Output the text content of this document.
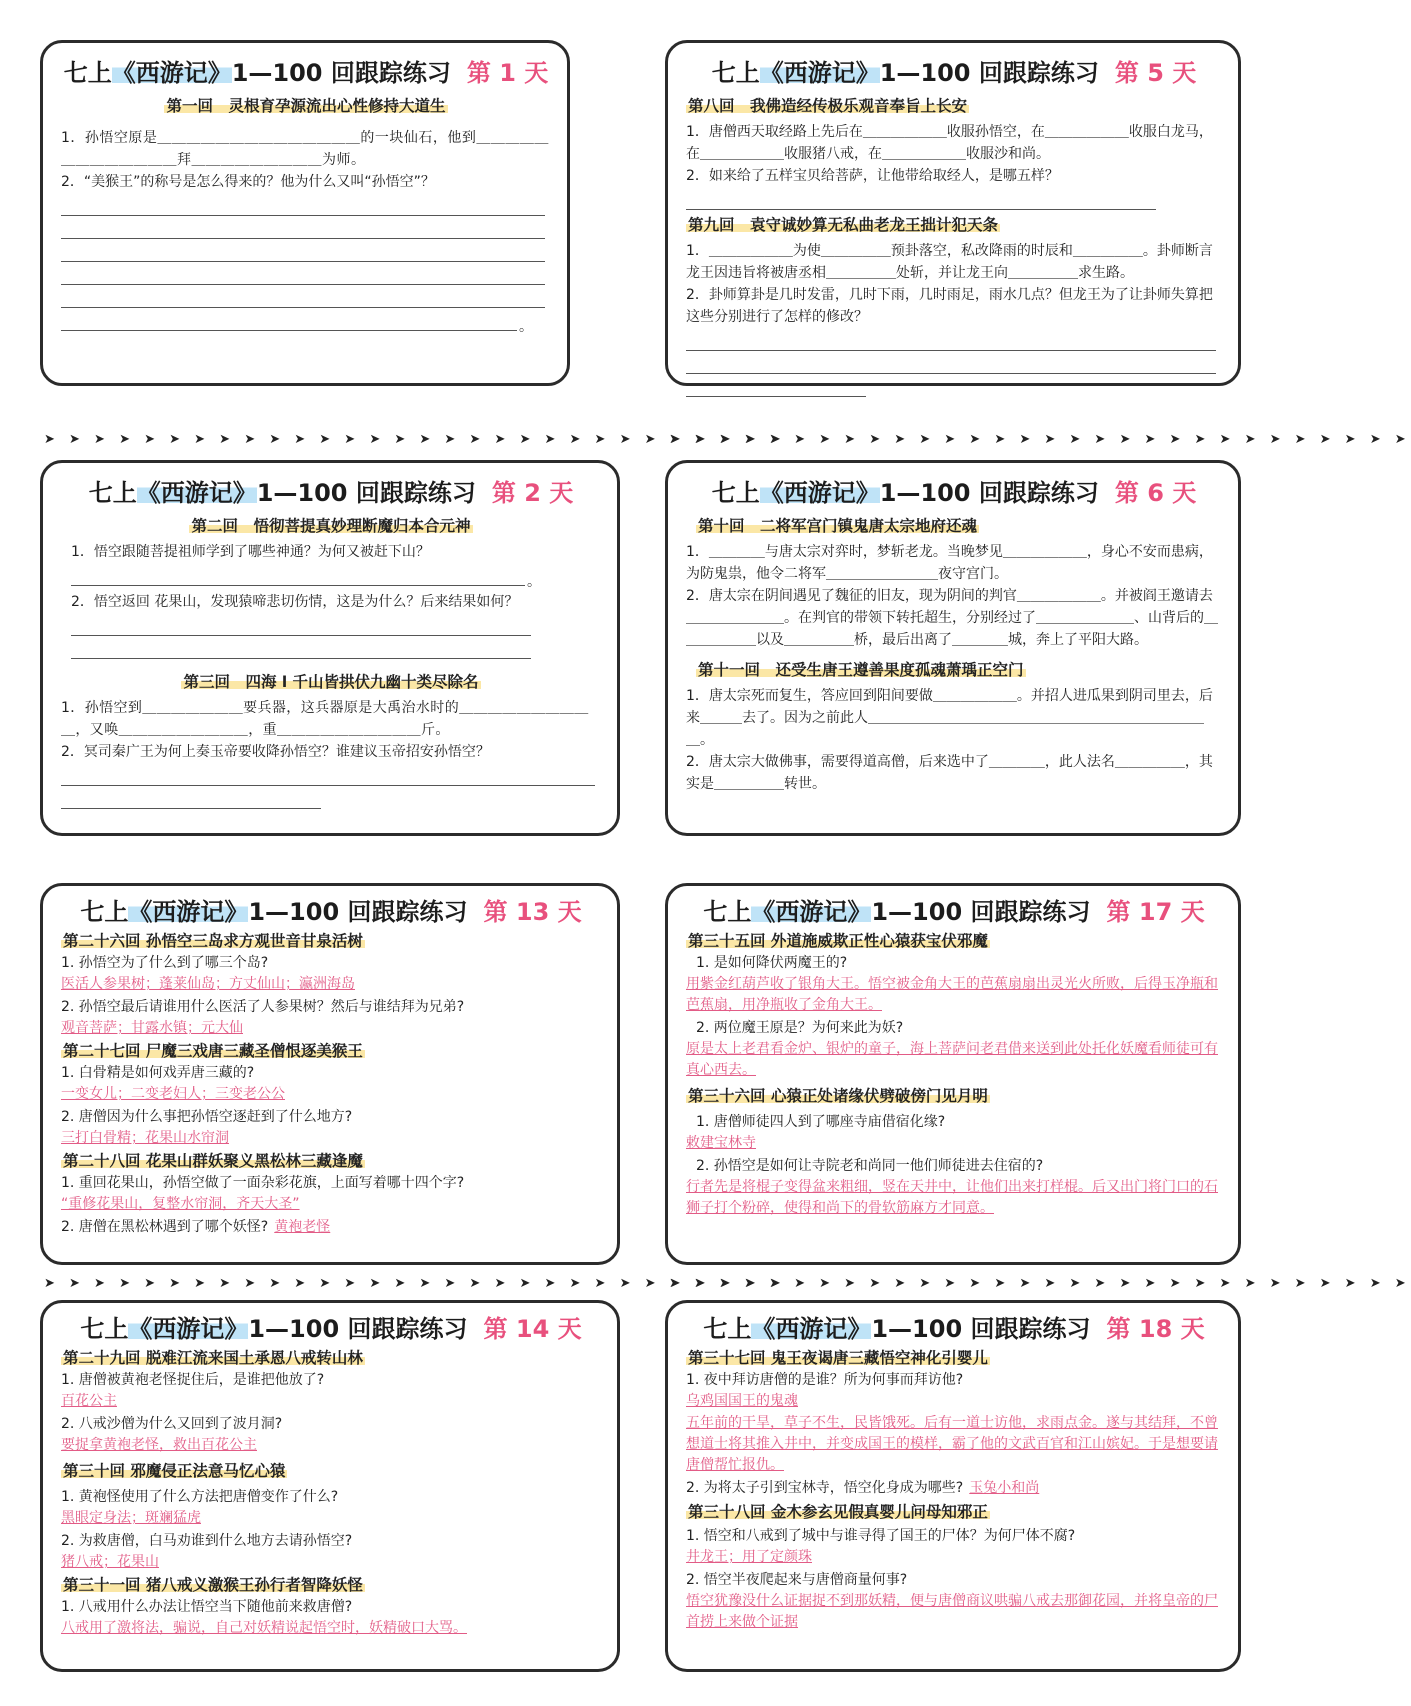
七上《西游记》1—100 回跟踪练习 第 1 天
第一回　灵根育孕源流出心性修持大道生

1．孙悟空原是＿＿＿＿＿＿＿＿＿＿＿＿＿＿的一块仙石，他到＿＿＿＿＿＿＿＿＿＿＿＿＿拜＿＿＿＿＿＿＿＿＿为师。

2．“美猴王”的称号是怎么得来的？他为什么又叫“孙悟空”？

。
七上《西游记》1—100 回跟踪练习 第 5 天
第八回　我佛造经传极乐观音奉旨上长安

1．唐僧西天取经路上先后在＿＿＿＿＿＿收服孙悟空，在＿＿＿＿＿＿收服白龙马，在＿＿＿＿＿＿收服猪八戒，在＿＿＿＿＿＿收服沙和尚。

2．如来给了五样宝贝给菩萨，让他带给取经人，是哪五样？

第九回　袁守诚妙算无私曲老龙王拙计犯天条

1．＿＿＿＿＿＿为使＿＿＿＿＿预卦落空，私改降雨的时辰和＿＿＿＿＿。卦师断言龙王因违旨将被唐丞相＿＿＿＿＿处斩，并让龙王向＿＿＿＿＿求生路。

2．卦师算卦是几时发雷，几时下雨，几时雨足，雨水几点？但龙王为了让卦师失算把这些分别进行了怎样的修改？

➤ ➤ ➤ ➤ ➤ ➤ ➤ ➤ ➤ ➤ ➤ ➤ ➤ ➤ ➤ ➤ ➤ ➤ ➤ ➤ ➤ ➤ ➤ ➤ ➤ ➤ ➤ ➤ ➤ ➤
➤ ➤ ➤ ➤ ➤ ➤ ➤ ➤ ➤ ➤ ➤ ➤ ➤ ➤ ➤ ➤ ➤ ➤ ➤ ➤ ➤ ➤ ➤ ➤ ➤ ➤ ➤ ➤ ➤ ➤
七上《西游记》1—100 回跟踪练习 第 2 天
第二回　悟彻菩提真妙理断魔归本合元神

1．悟空跟随菩提祖师学到了哪些神通？为何又被赶下山？

。

2．悟空返回 花果山，发现猿啼悲切伤情，这是为什么？后来结果如何？

第三回　四海 l 千山皆拱伏九幽十类尽除名

1．孙悟空到＿＿＿＿＿＿＿要兵器，这兵器原是大禹治水时的＿＿＿＿＿＿＿＿＿＿，又唤＿＿＿＿＿＿＿＿＿，重＿＿＿＿＿＿＿＿＿＿斤。

2．冥司秦广王为何上奏玉帝要收降孙悟空？谁建议玉帝招安孙悟空？

七上《西游记》1—100 回跟踪练习 第 6 天
第十回　二将军宫门镇鬼唐太宗地府还魂

1．＿＿＿＿与唐太宗对弈时，梦斩老龙。当晚梦见＿＿＿＿＿＿，身心不安而患病，为防鬼祟，他令二将军＿＿＿＿＿＿＿＿夜守宫门。

2．唐太宗在阴间遇见了魏征的旧友，现为阴间的判官＿＿＿＿＿＿。并被阎王邀请去＿＿＿＿＿＿＿。在判官的带领下转托超生，分别经过了＿＿＿＿＿＿＿、山背后的＿＿＿＿＿＿以及＿＿＿＿＿桥，最后出离了＿＿＿＿城，奔上了平阳大路。

第十一回　还受生唐王遵善果度孤魂萧瑀正空门

1．唐太宗死而复生，答应回到阳间要做＿＿＿＿＿＿。并招人进瓜果到阴司里去，后来＿＿＿去了。因为之前此人＿＿＿＿＿＿＿＿＿＿＿＿＿＿＿＿＿＿＿＿＿＿＿＿＿。

2．唐太宗大做佛事，需要得道高僧，后来选中了＿＿＿＿，此人法名＿＿＿＿＿，其实是＿＿＿＿＿转世。

七上《西游记》1—100 回跟踪练习 第 13 天
第二十六回 孙悟空三岛求方观世音甘泉活树

1. 孙悟空为了什么到了哪三个岛?

医活人参果树；蓬莱仙岛；方丈仙山；瀛洲海岛

2. 孙悟空最后请谁用什么医活了人参果树？然后与谁结拜为兄弟?

观音菩萨；甘露水镇；元大仙

第二十七回 尸魔三戏唐三藏圣僧恨逐美猴王

1. 白骨精是如何戏弄唐三藏的?

一变女儿；二变老妇人；三变老公公

2. 唐僧因为什么事把孙悟空逐赶到了什么地方?

三打白骨精；花果山水帘洞

第二十八回 花果山群妖聚义黑松林三藏逢魔

1. 重回花果山，孙悟空做了一面杂彩花旗，上面写着哪十四个字?

“重修花果山，复整水帘洞，齐天大圣”

2. 唐僧在黑松林遇到了哪个妖怪? 黄袍老怪

七上《西游记》1—100 回跟踪练习 第 17 天
第三十五回 外道施威欺正性心猿获宝伏邪魔

1. 是如何降伏两魔王的?

用紫金红葫芦收了银角大王。悟空被金角大王的芭蕉扇扇出灵光火所败，后得玉净瓶和芭蕉扇，用净瓶收了金角大王。

2. 两位魔王原是？为何来此为妖?

原是太上老君看金炉、银炉的童子，海上菩萨问老君借来送到此处托化妖魔看师徒可有真心西去。

第三十六回 心猿正处诸缘伏劈破傍门见月明

1. 唐僧师徒四人到了哪座寺庙借宿化缘?

敕建宝林寺

2. 孙悟空是如何让寺院老和尚同一他们师徒进去住宿的?

行者先是将棍子变得盆来粗细，竖在天井中，让他们出来打样棍。后又出门将门口的石狮子打个粉碎，使得和尚下的骨软筋麻方才同意。

➤ ➤ ➤ ➤ ➤ ➤ ➤ ➤ ➤ ➤ ➤ ➤ ➤ ➤ ➤ ➤ ➤ ➤ ➤ ➤ ➤ ➤ ➤ ➤ ➤ ➤ ➤ ➤ ➤ ➤
➤ ➤ ➤ ➤ ➤ ➤ ➤ ➤ ➤ ➤ ➤ ➤ ➤ ➤ ➤ ➤ ➤ ➤ ➤ ➤ ➤ ➤ ➤ ➤ ➤ ➤ ➤ ➤ ➤ ➤
七上《西游记》1—100 回跟踪练习 第 14 天
第二十九回 脱难江流来国土承恩八戒转山林

1. 唐僧被黄袍老怪捉住后，是谁把他放了?

百花公主

2. 八戒沙僧为什么又回到了波月洞?

要捉拿黄袍老怪，救出百花公主

第三十回 邪魔侵正法意马忆心猿

1. 黄袍怪使用了什么方法把唐僧变作了什么?

黑眼定身法；斑斓猛虎

2. 为救唐僧，白马劝谁到什么地方去请孙悟空?

猪八戒；花果山

第三十一回 猪八戒义激猴王孙行者智降妖怪

1. 八戒用什么办法让悟空当下随他前来救唐僧?

八戒用了激将法，骗说，自己对妖精说起悟空时，妖精破口大骂。

七上《西游记》1—100 回跟踪练习 第 18 天
第三十七回 鬼王夜谒唐三藏悟空神化引婴儿

1. 夜中拜访唐僧的是谁？所为何事而拜访他?

乌鸡国国王的鬼魂

五年前的干旱，草子不生，民皆饿死。后有一道士访他，求雨点金。遂与其结拜，不曾想道士将其推入井中，并变成国王的模样，霸了他的文武百官和江山嫔妃。于是想要请唐僧帮忙报仇。

2. 为将太子引到宝林寺，悟空化身成为哪些? 玉兔小和尚

第三十八回 金木参玄见假真婴儿问母知邪正

1. 悟空和八戒到了城中与谁寻得了国王的尸体？为何尸体不腐?

井龙王；用了定颜珠

2. 悟空半夜爬起来与唐僧商量何事?

悟空犹豫没什么证据捉不到那妖精，便与唐僧商议哄骗八戒去那御花园，并将皇帝的尸首捞上来做个证据
